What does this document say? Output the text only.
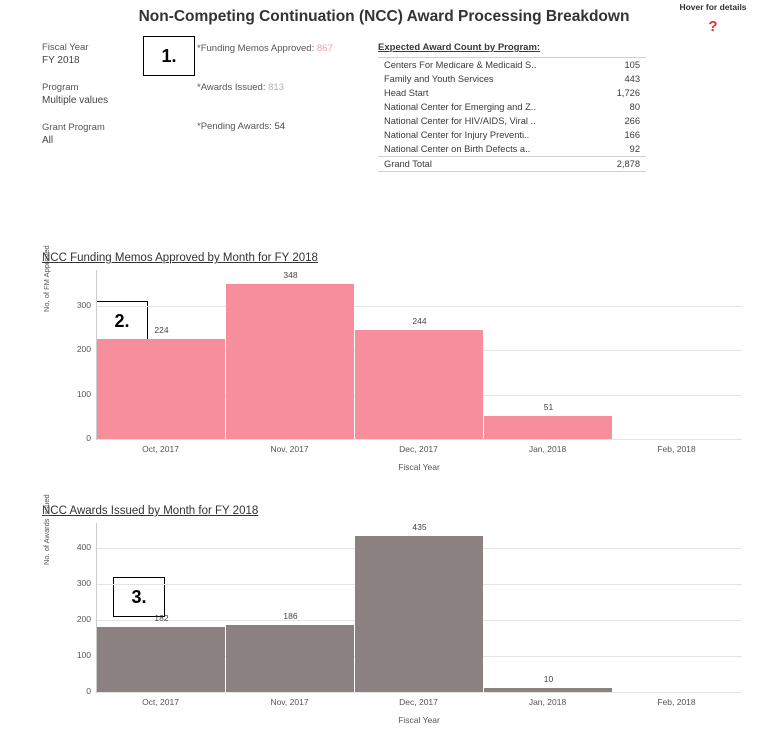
Non-Competing Continuation (NCC) Award Processing Breakdown
Hover for details
?
Fiscal Year
FY 2018
Program
Multiple values
Grant Program
All
1.
2.
3.
*Funding Memos Approved: 867
*Awards Issued: 813
*Pending Awards: 54
Expected Award Count by Program:
Centers For Medicare & Medicaid S..	105
Family and Youth Services	443
Head Start	1,726
National Center for Emerging and Z..	80
National Center for HIV/AIDS, Viral ..	266
National Center for Injury Preventi..	166
National Center on Birth Defects a..	92
Grand Total	2,878
NCC Funding Memos Approved by Month for FY 2018
No. of FM Approved
0
100
200
300
224
348
244
51
Oct, 2017	Nov, 2017	Dec, 2017	Jan, 2018	Feb, 2018
Fiscal Year
NCC Awards Issued by Month for FY 2018
No. of Awards Issued
0
100
200
300
400
182	186
435
10
Oct, 2017	Nov, 2017	Dec, 2017	Jan, 2018	Feb, 2018
Fiscal Year
